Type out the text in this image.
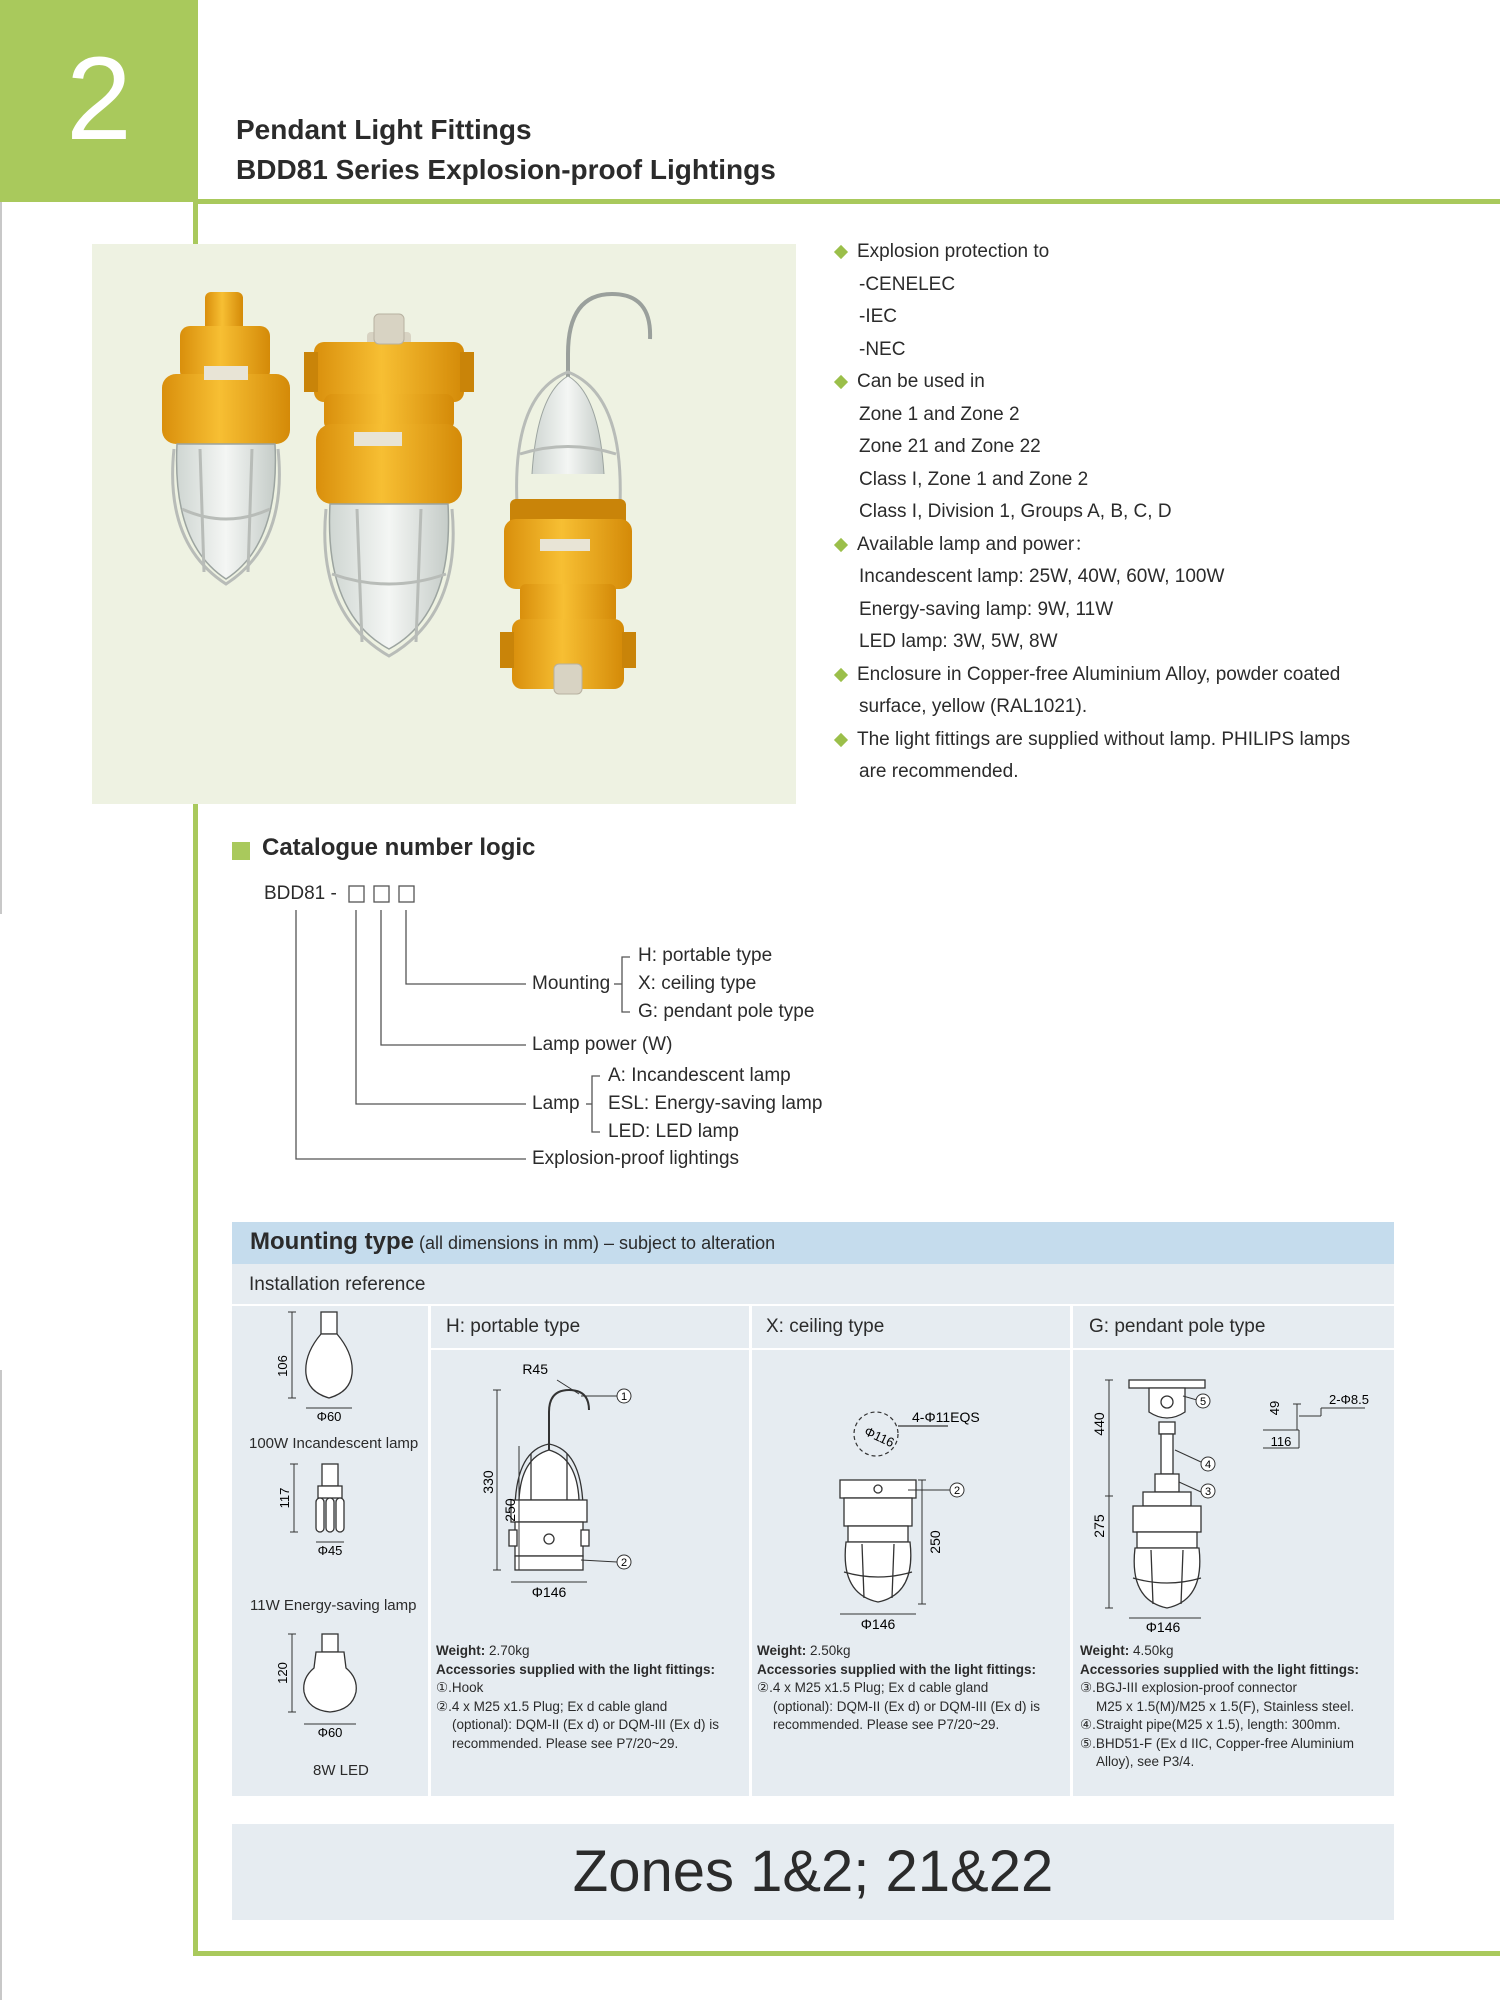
2	Pendant Light Fittings
BDD81 Series Explosion-proof Lightings
Explosion protection to
-CENELEC
-IEC
-NEC
Can be used in
Zone 1 and Zone 2
Zone 21 and Zone 22
Class I, Zone 1 and Zone 2
Class I, Division 1, Groups A, B, C, D
Available lamp and power：
Incandescent lamp: 25W, 40W, 60W, 100W
Energy-saving lamp: 9W, 11W
LED lamp: 3W, 5W, 8W
Enclosure in Copper-free Aluminium Alloy, powder coated
surface, yellow (RAL1021).
The light fittings are supplied without lamp. PHILIPS lamps
are recommended.
Catalogue number logic
BDD81 -
Mounting
H: portable type
X: ceiling type
G: pendant pole type
Lamp power (W)
Lamp
A: Incandescent lamp
ESL: Energy-saving lamp
LED: LED lamp
Explosion-proof lightings
Mounting type (all dimensions in mm) – subject to alteration
Installation reference
H: portable type	X: ceiling type	G: pendant pole type
106
Φ60
117
Φ45
120
Φ60
100W Incandescent lamp
11W Energy-saving lamp
8W LED
1
2
R45
330
250
Φ146
2
4-Φ11EQS
Φ116
250
Φ146
5
4
3
440
275
Φ146
49
116
2-Φ8.5
Weight: 2.70kg
Accessories supplied with the light fittings:
①.Hook
②.4 x M25 x1.5 Plug; Ex d cable gland
(optional): DQM-II (Ex d) or DQM-III (Ex d) is
recommended. Please see P7/20~29.
Weight: 2.50kg
Accessories supplied with the light fittings:
②.4 x M25 x1.5 Plug; Ex d cable gland
(optional): DQM-II (Ex d) or DQM-III (Ex d) is
recommended. Please see P7/20~29.
Weight: 4.50kg
Accessories supplied with the light fittings:
③.BGJ-III explosion-proof connector
M25 x 1.5(M)/M25 x 1.5(F), Stainless steel.
④.Straight pipe(M25 x 1.5), length: 300mm.
⑤.BHD51-F (Ex d IIC, Copper-free Aluminium
Alloy), see P3/4.
Zones 1&2; 21&22
